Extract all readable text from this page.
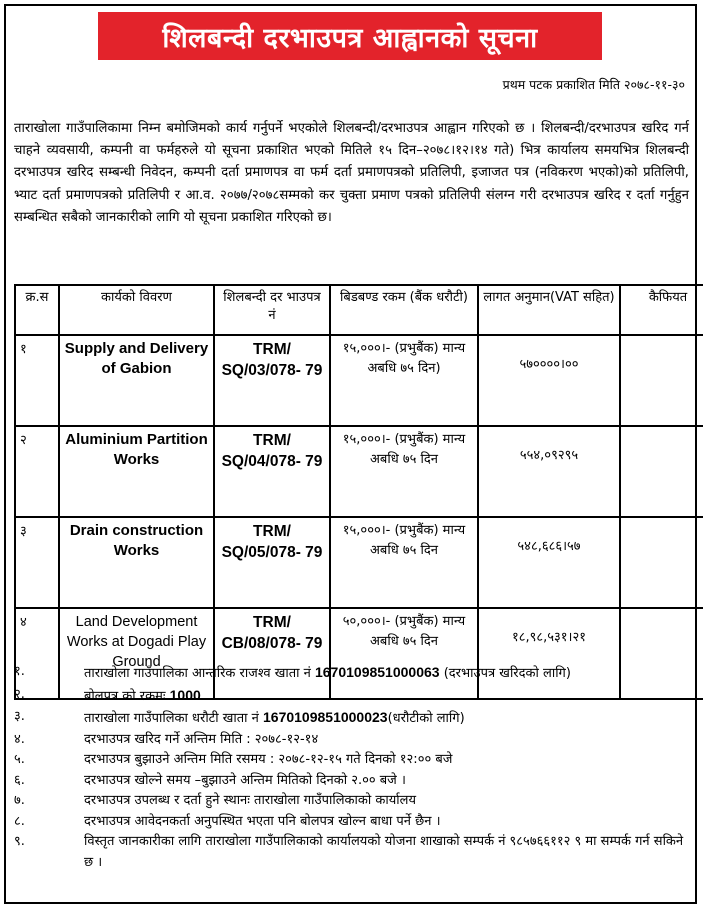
शिलबन्दी दरभाउपत्र आह्वानको सूचना
प्रथम पटक प्रकाशित मिति २०७८-११-३०
ताराखोला गाउँपालिकामा निम्न बमोजिमको कार्य गर्नुपर्ने भएकोले शिलबन्दी/दरभाउपत्र आह्वान गरिएको छ । शिलबन्दी/दरभाउपत्र खरिद गर्न चाहने व्यवसायी, कम्पनी वा फर्महरुले यो सूचना प्रकाशित भएको मितिले १५ दिन–२०७८।१२।१४ गते) भित्र कार्यालय समयभित्र शिलबन्दी दरभाउपत्र खरिद सम्बन्धी निवेदन, कम्पनी दर्ता प्रमाणपत्र वा फर्म दर्ता प्रमाणपत्रको प्रतिलिपी, इजाजत पत्र (नविकरण भएको)को प्रतिलिपी, भ्याट दर्ता प्रमाणपत्रको प्रतिलिपी र आ.व. २०७७/२०७८सम्मको कर चुक्ता प्रमाण पत्रको प्रतिलिपी संलग्न गरी दरभाउपत्र खरिद र दर्ता गर्नुहुन सम्बन्धित सबैको जानकारीको लागि यो सूचना प्रकाशित गरिएको छ।
क्र.स	कार्यको विवरण	शिलबन्दी दर भाउपत्र नं	बिडबण्ड रकम (बैंक धरौटी)	लागत अनुमान(VAT सहित)	कैफियत
१	Supply and Delivery of Gabion	TRM/ SQ/03/078- 79	१५,०००।- (प्रभुबैंक) मान्य अबधि ७५ दिन)	५७००००।००	
२	Aluminium Partition Works	TRM/ SQ/04/078- 79	१५,०००।- (प्रभुबैंक) मान्य अबधि ७५ दिन	५५४,०९२९५	
३	Drain construction Works	TRM/ SQ/05/078- 79	१५,०००।- (प्रभुबैंक) मान्य अबधि ७५ दिन	५४८,६८६।५७	
४	Land Development Works at Dogadi Play Ground	TRM/ CB/08/078- 79	५०,०००।- (प्रभुबैंक) मान्य अबधि ७५ दिन	१८,९८,५३१।२१	
१.	ताराखोला गाउँपालिका आन्तरिक राजश्व खाता नं 1670109851000063 (दरभाउपत्र खरिदको लागि)
२.	बोलपत्र को रकमः 1000
३.	ताराखोला गाउँपालिका धरौटी खाता नं 1670109851000023(धरौटीको लागि)
४.	दरभाउपत्र खरिद गर्ने अन्तिम मिति : २०७८-१२-१४
५.	दरभाउपत्र बुझाउने अन्तिम मिति रसमय : २०७८-१२-१५ गते दिनको १२:०० बजे
६.	दरभाउपत्र खोल्ने समय –बुझाउने अन्तिम मितिको दिनको २.०० बजे ।
७.	दरभाउपत्र उपलब्ध र दर्ता हुने स्थानः ताराखोला गाउँपालिकाको कार्यालय
८.	दरभाउपत्र आवेदनकर्ता अनुपस्थित भएता पनि बोलपत्र खोल्न बाधा पर्ने छैन ।
९.	विस्तृत जानकारीका लागि ताराखोला गाउँपालिकाको कार्यालयको योजना शाखाको सम्पर्क नं ९८५७६६११२ ९ मा सम्पर्क गर्न सकिने छ ।
